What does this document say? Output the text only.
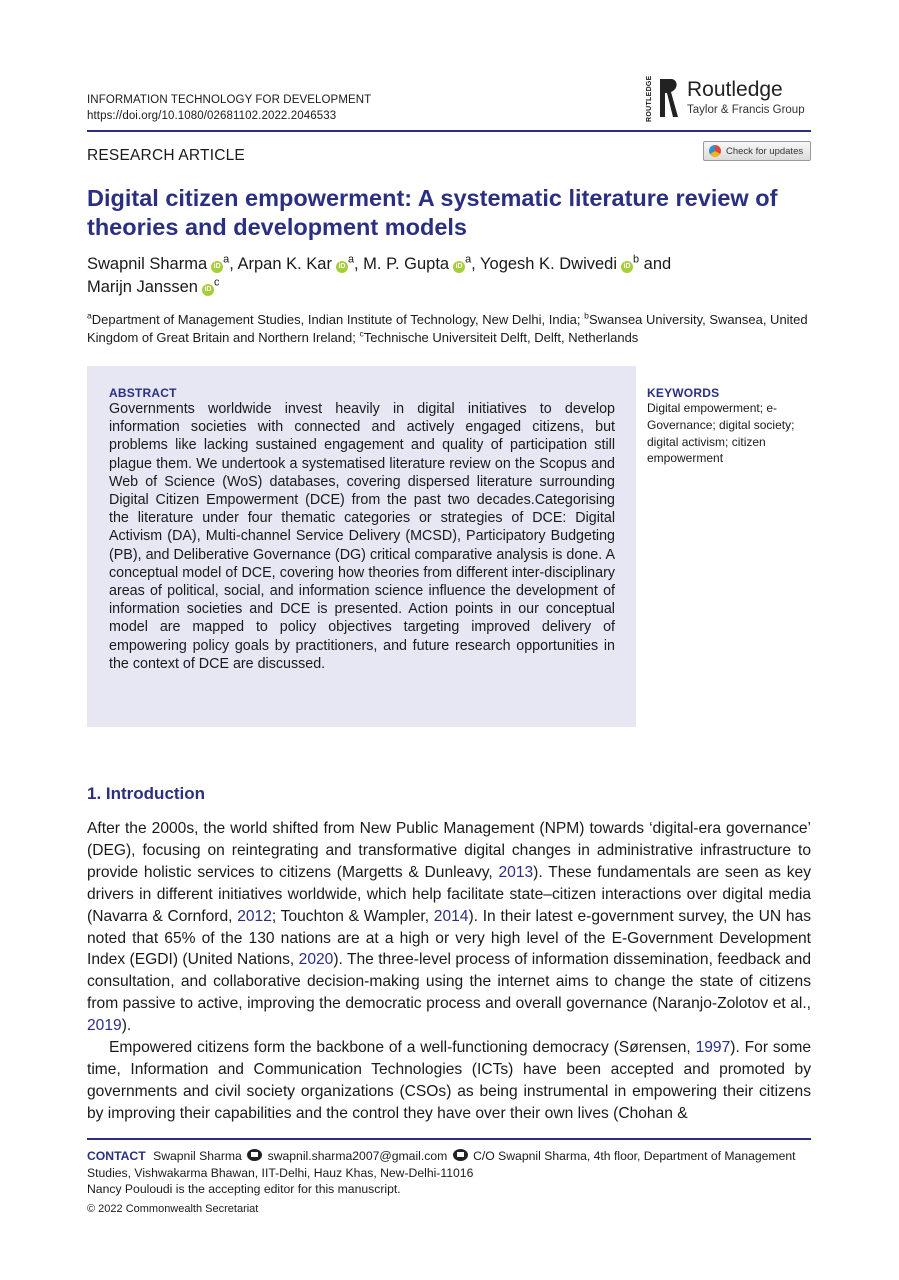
INFORMATION TECHNOLOGY FOR DEVELOPMENT
https://doi.org/10.1080/02681102.2022.2046533	ROUTLEDGE Routledge
Taylor & Francis Group
RESEARCH ARTICLE	Check for updates
Digital citizen empowerment: A systematic literature review of theories and development models
Swapnil Sharma $iD^a$, Arpan K. Kar $iD^a$, M. P. Gupta $iD^a$, Yogesh K. Dwivedi $iD^b$ and
Marijn Janssen $iD^c$
$^a$Department of Management Studies, Indian Institute of Technology, New Delhi, India; $^b$Swansea University, Swansea, United Kingdom of Great Britain and Northern Ireland; $^c$Technische Universiteit Delft, Delft, Netherlands
ABSTRACT
Governments worldwide invest heavily in digital initiatives to develop information societies with connected and actively engaged citizens, but problems like lacking sustained engagement and quality of participation still plague them. We undertook a systematised literature review on the Scopus and Web of Science (WoS) databases, covering dispersed literature surrounding Digital Citizen Empowerment (DCE) from the past two decades.Categorising the literature under four thematic categories or strategies of DCE: Digital Activism (DA), Multi-channel Service Delivery (MCSD), Participatory Budgeting (PB), and Deliberative Governance (DG) critical comparative analysis is done. A conceptual model of DCE, covering how theories from different inter-disciplinary areas of political, social, and information science influence the development of information societies and DCE is presented. Action points in our conceptual model are mapped to policy objectives targeting improved delivery of empowering policy goals by practitioners, and future research opportunities in the context of DCE are discussed.
KEYWORDS
Digital empowerment; e-Governance; digital society; digital activism; citizen empowerment
1. Introduction

After the 2000s, the world shifted from New Public Management (NPM) towards ‘digital-era governance’ (DEG), focusing on reintegrating and transformative digital changes in administrative infrastructure to provide holistic services to citizens (Margetts & Dunleavy, 2013). These fundamentals are seen as key drivers in different initiatives worldwide, which help facilitate state–citizen interactions over digital media (Navarra & Cornford, 2012; Touchton & Wampler, 2014). In their latest e-government survey, the UN has noted that 65% of the 130 nations are at a high or very high level of the E-Government Development Index (EGDI) (United Nations, 2020). The three-level process of information dissemination, feedback and consultation, and collaborative decision-making using the internet aims to change the state of citizens from passive to active, improving the democratic process and overall governance (Naranjo-Zolotov et al., 2019).

Empowered citizens form the backbone of a well-functioning democracy (Sørensen, 1997). For some time, Information and Communication Technologies (ICTs) have been accepted and promoted by governments and civil society organizations (CSOs) as being instrumental in empowering their citizens by improving their capabilities and the control they have over their own lives (Chohan &

CONTACT Swapnil Sharma swapnil.sharma2007@gmail.com C/O Swapnil Sharma, 4th floor, Department of Management Studies, Vishwakarma Bhawan, IIT-Delhi, Hauz Khas, New-Delhi-11016
Nancy Pouloudi is the accepting editor for this manuscript.
© 2022 Commonwealth Secretariat
